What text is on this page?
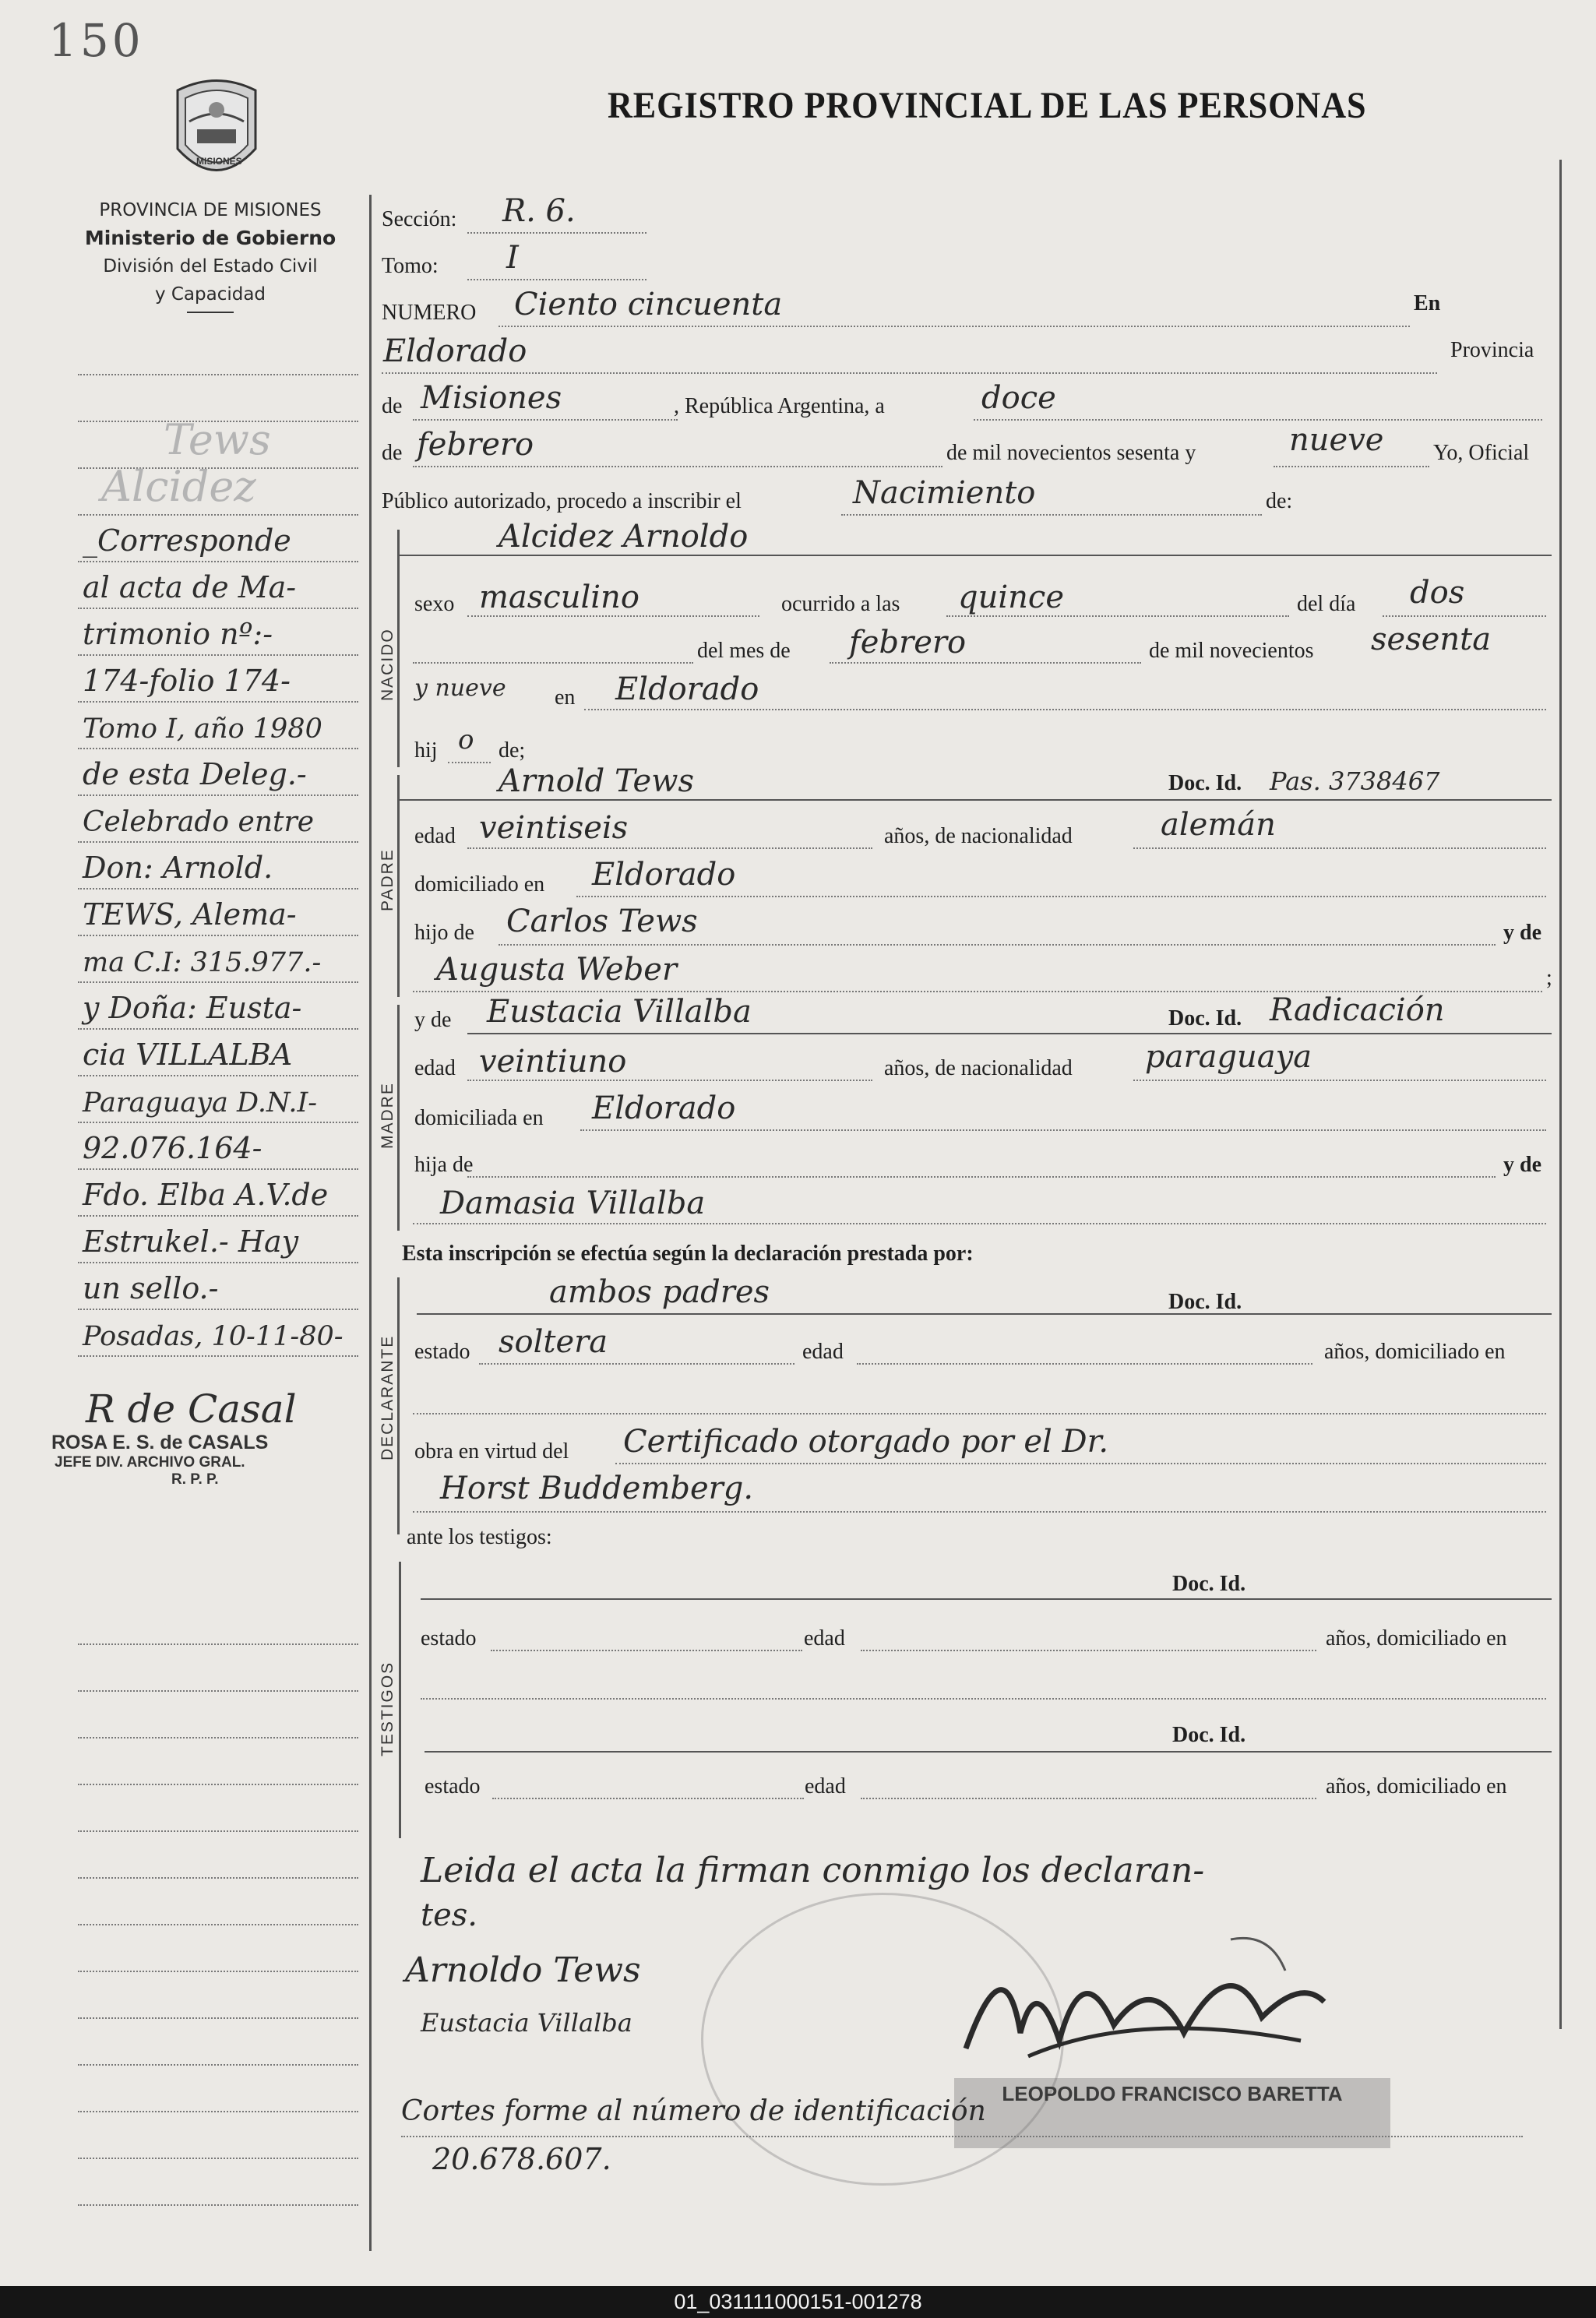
150
MISIONES
REGISTRO PROVINCIAL DE LAS PERSONAS
PROVINCIA DE MISIONES
Ministerio de Gobierno
División del Estado Civil
y Capacidad
Tews
Alcidez
_Corresponde
al acta de Ma-
trimonio nº:-
174-folio 174-
Tomo I, año 1980
de esta Deleg.-
Celebrado entre
Don: Arnold.
TEWS, Alema-
ma C.I: 315.977.-
y Doña: Eusta-
cia VILLALBA
Paraguaya D.N.I-
92.076.164-
Fdo. Elba A.V.de
Estrukel.- Hay
un sello.-
Posadas, 10-11-80-
R de Casal
ROSA E. S. de CASALS
JEFE DIV. ARCHIVO GRAL.
R. P. P.
Sección: R. 6.
Tomo: I
NUMERO Ciento cincuenta	En
Eldorado	Provincia
de Misiones	, República Argentina, a	doce
de febrero	de mil novecientos sesenta y	nueve Yo, Oficial
Público autorizado, procedo a inscribir el	Nacimiento	de:
NACIDO
Alcidez Arnoldo
sexo masculino	ocurrido a las quince	del día dos
del mes de febrero	de mil novecientos sesenta
y nueve en Eldorado
hij o de;
PADRE
Arnold Tews	Doc. Id. Pas. 3738467
edad veintiseis	años, de nacionalidad	alemán
domiciliado en Eldorado
hijo de Carlos Tews	y de
Augusta Weber	;
MADRE
y de Eustacia Villalba	Doc. Id. Radicación
edad veintiuno	años, de nacionalidad paraguaya
domiciliada en Eldorado
hija de	y de
Damasia Villalba
Esta inscripción se efectúa según la declaración prestada por:
DECLARANTE
ambos padres	Doc. Id.
estado soltera	edad	años, domiciliado en
obra en virtud del Certificado otorgado por el Dr.
Horst Buddemberg.
ante los testigos:
TESTIGOS
Doc. Id.
estado	edad	años, domiciliado en
Doc. Id.
estado	edad	años, domiciliado en
Leida el acta la firman conmigo los declaran-
tes.
Arnoldo Tews
Eustacia Villalba
LEOPOLDO FRANCISCO BARETTA
Cortes forme al número de identificación
20.678.607.
01_031111000151-001278
